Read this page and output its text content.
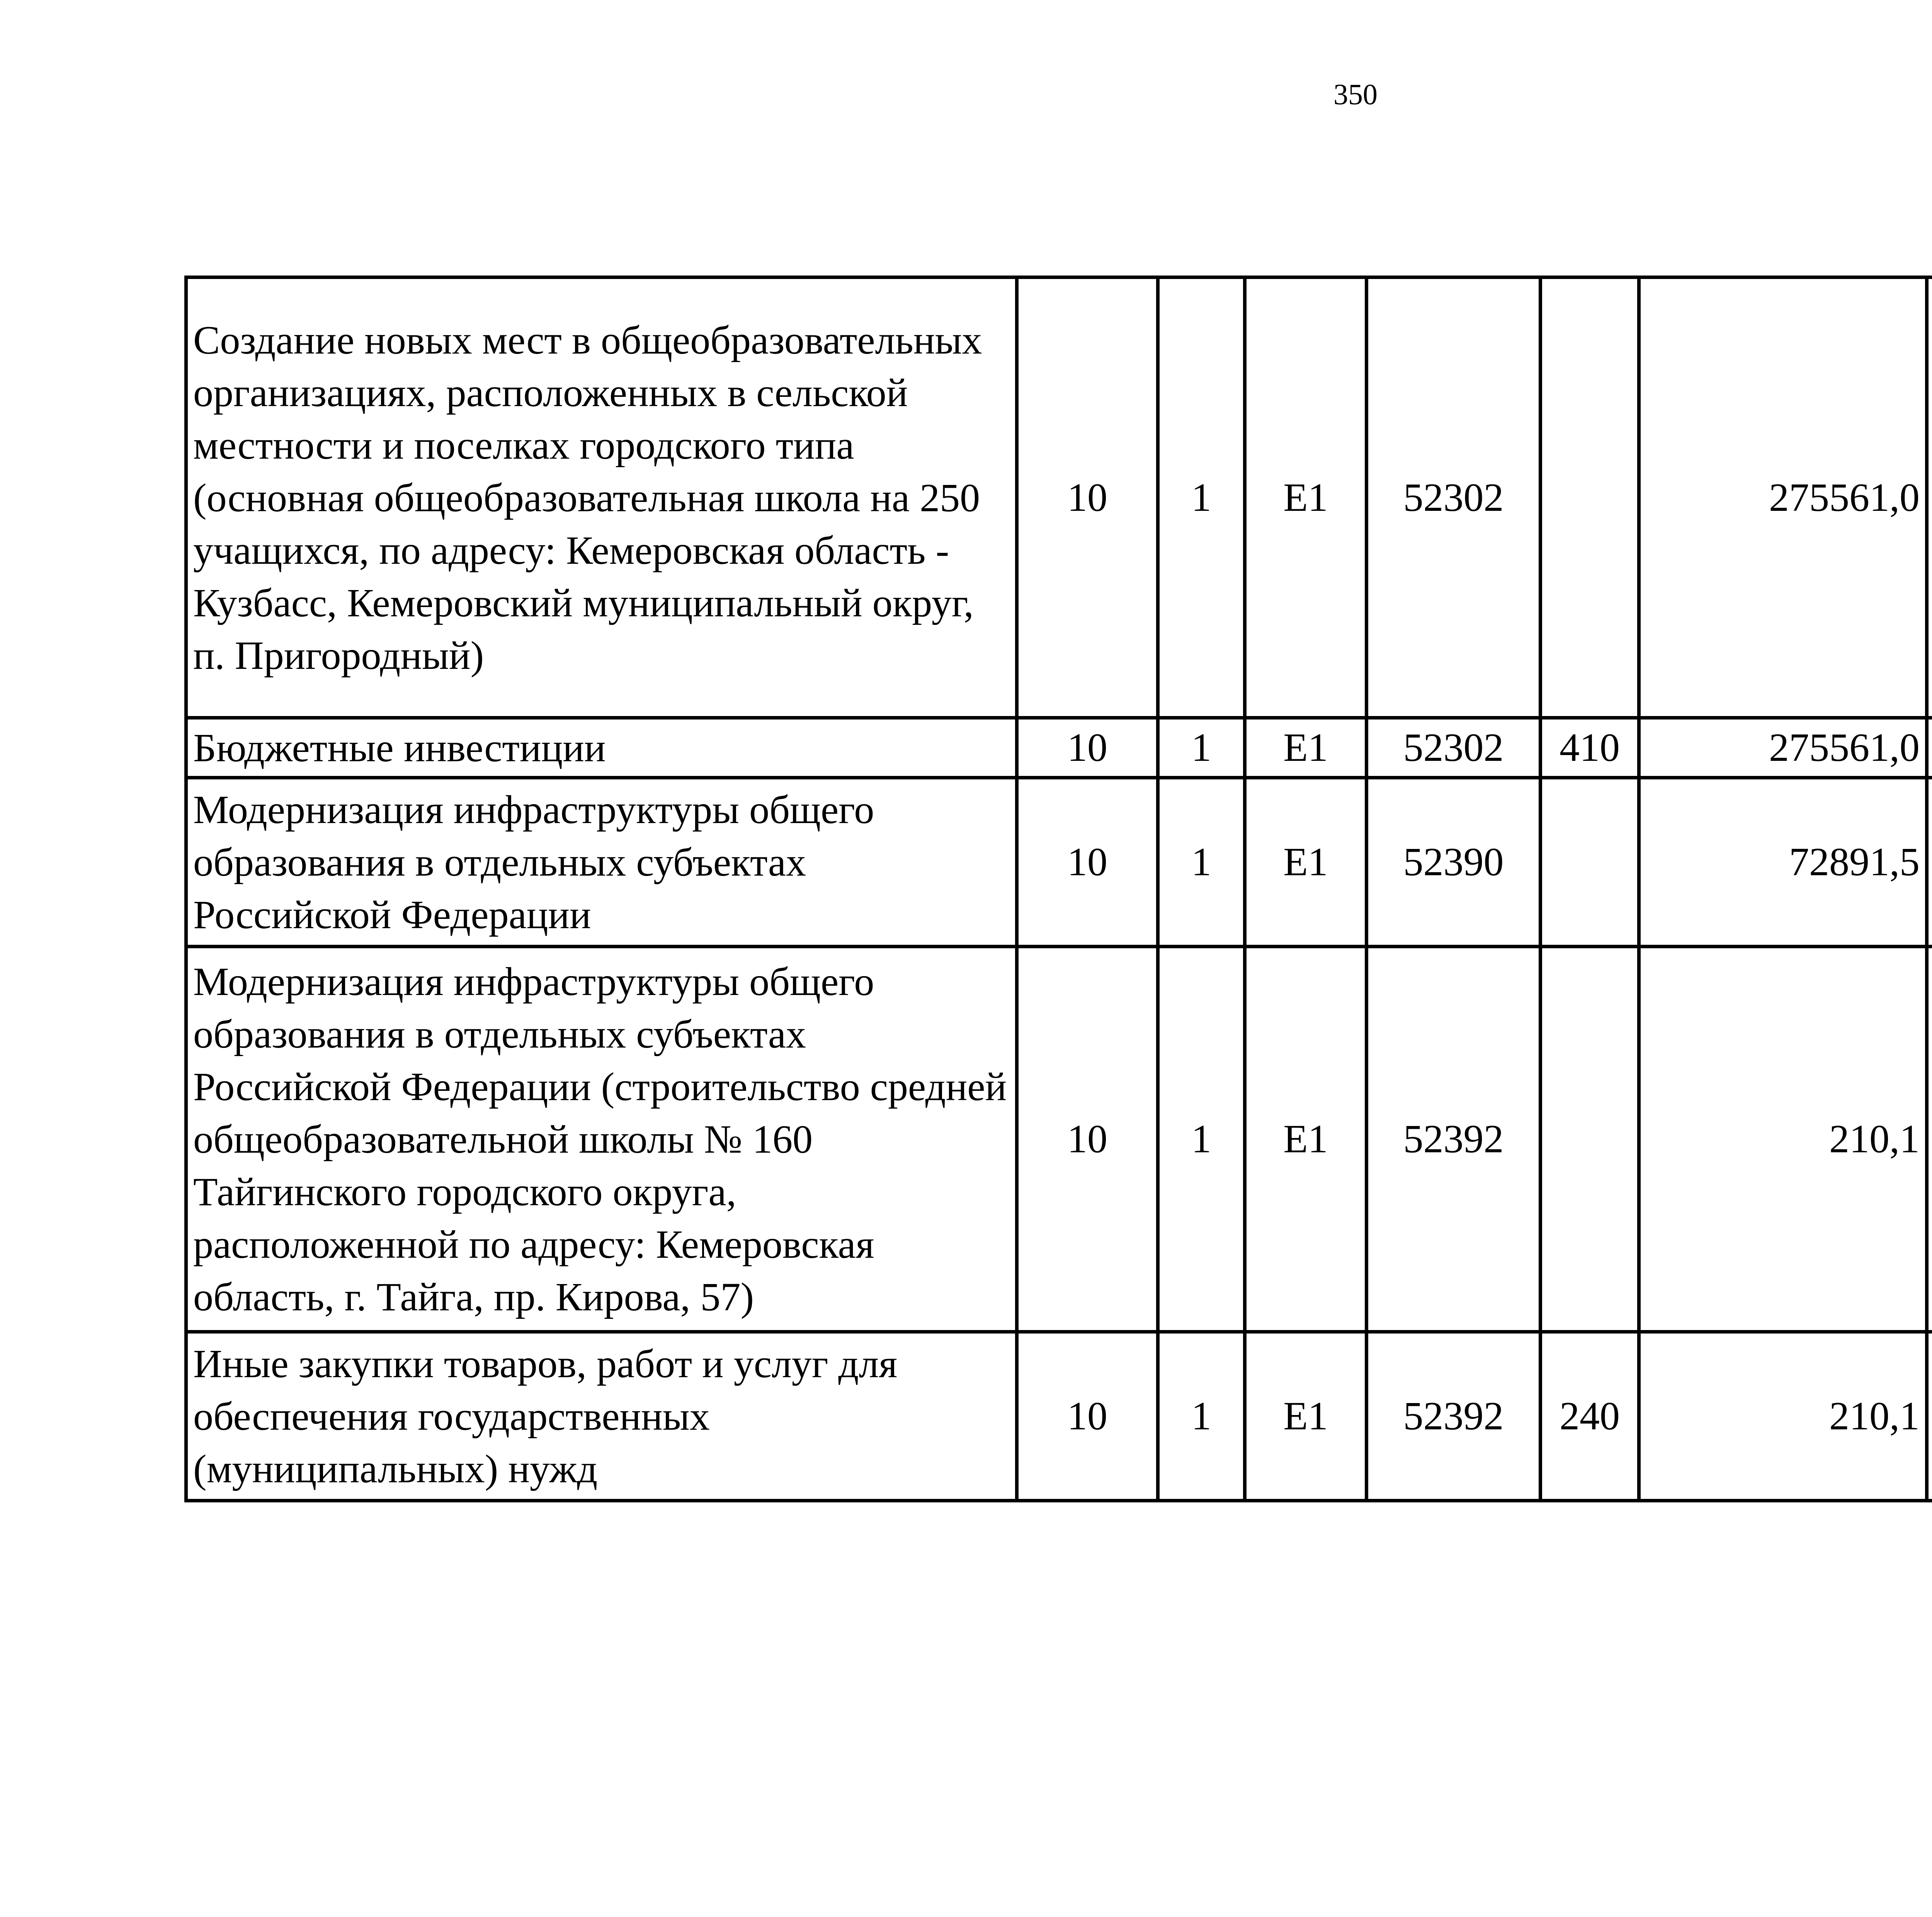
350
Создание новых мест в общеобразовательных организациях, расположенных в сельской местности и поселках городского типа (основная общеобразовательная школа на 250 учащихся, по адресу: Кемеровская область - Кузбасс, Кемеровский муниципальный округ, п. Пригородный)	10	1	Е1	52302		275561,0		
Бюджетные инвестиции	10	1	Е1	52302	410	275561,0		
Модернизация инфраструктуры общего образования в отдельных субъектах Российской Федерации	10	1	Е1	52390		72891,5		
Модернизация инфраструктуры общего образования в отдельных субъектах Российской Федерации (строительство средней общеобразовательной школы № 160 Тайгинского городского округа, расположенной по адресу: Кемеровская область, г. Тайга, пр. Кирова, 57)	10	1	Е1	52392		210,1		
Иные закупки товаров, работ и услуг для обеспечения государственных (муниципальных) нужд	10	1	Е1	52392	240	210,1		
